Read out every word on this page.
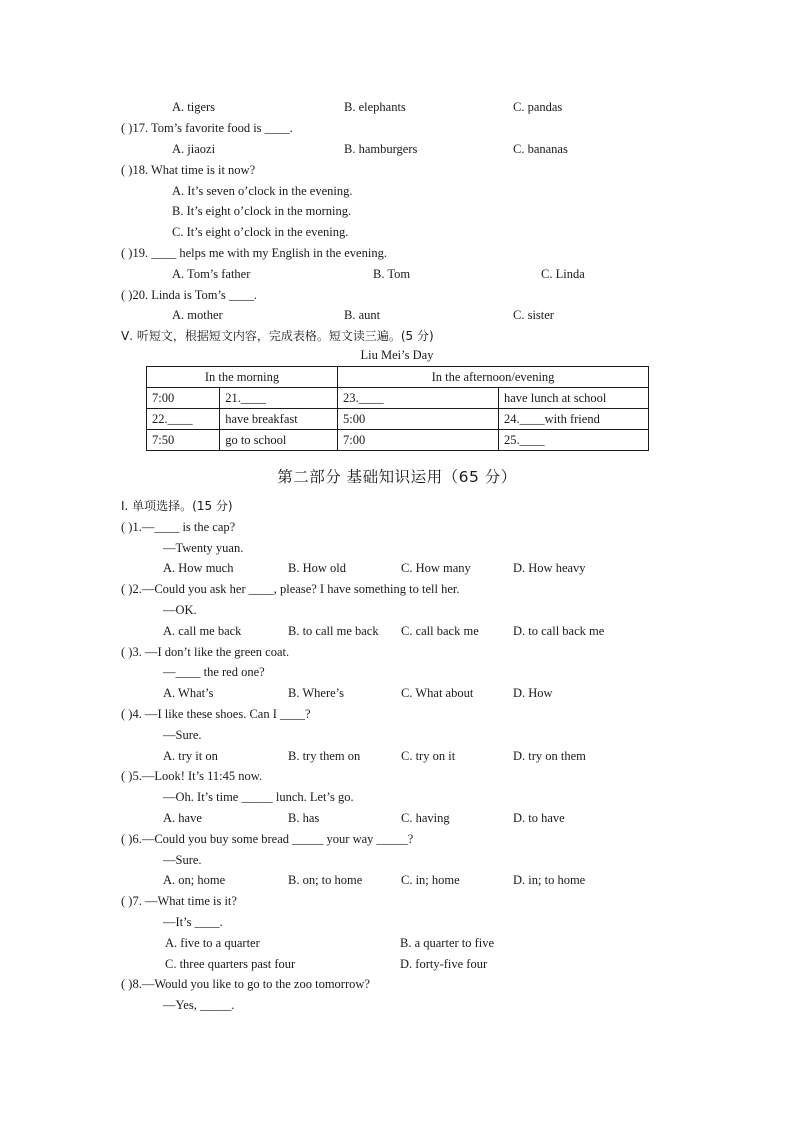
A. tigers	B. elephants	C. pandas
( )17. Tom’s favorite food is ____.
A. jiaozi	B. hamburgers	C. bananas
( )18. What time is it now?
A. It’s seven o’clock in the evening.
B. It’s eight o’clock in the morning.
C. It’s eight o’clock in the evening.
( )19. ____ helps me with my English in the evening.
A. Tom’s father	B. Tom	C. Linda
( )20. Linda is Tom’s ____.
A. mother	B. aunt	C. sister
Ⅴ. 听短文，根据短文内容，完成表格。短文读三遍。(5 分)
Liu Mei’s Day
In the morning		In the afternoon/evening	
7:00	21.____	23.____	have lunch at school
22.____	have breakfast	5:00	24.____with friend
7:50	go to school	7:00	25.____
第二部分 基础知识运用（65 分）
Ⅰ. 单项选择。(15 分)
( )1.—____ is the cap?
—Twenty yuan.
A. How much	B. How old	C. How many	D. How heavy
( )2.—Could you ask her ____, please? I have something to tell her.
—OK.
A. call me back	B. to call me back C. call back me	D. to call back me
( )3. —I don’t like the green coat.
—____ the red one?
A. What’s	B. Where’s	C. What about	D. How
( )4. —I like these shoes. Can I ____?
—Sure.
A. try it on	B. try them on	C. try on it	D. try on them
( )5.—Look! It’s 11:45 now.
—Oh. It’s time _____ lunch. Let’s go.
A. have	B. has	C. having	D. to have
( )6.—Could you buy some bread _____ your way _____?
—Sure.
A. on; home	B. on; to home	C. in; home	D. in; to home
( )7. —What time is it?
—It’s ____.
A. five to a quarter	B. a quarter to five
C. three quarters past four	D. forty-five four
( )8.—Would you like to go to the zoo tomorrow?
—Yes, _____.
